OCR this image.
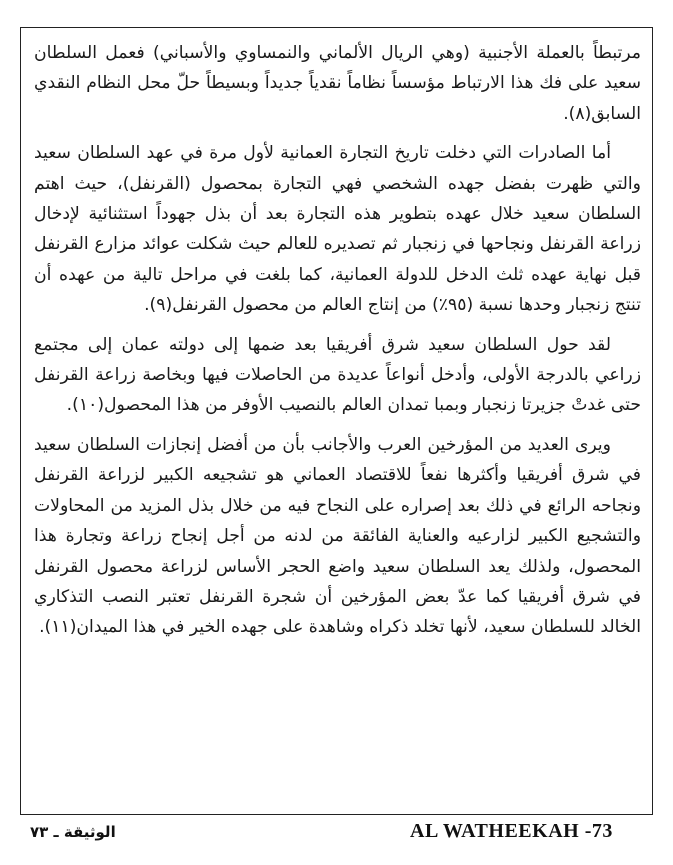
مرتبطاً بالعملة الأجنبية (وهي الريال الألماني والنمساوي والأسباني) فعمل السلطان سعيد على فك هذا الارتباط مؤسساً نظاماً نقدياً جديداً وبسيطاً حلّ محل النظام النقدي السابق(٨).

أما الصادرات التي دخلت تاريخ التجارة العمانية لأول مرة في عهد السلطان سعيد والتي ظهرت بفضل جهده الشخصي فهي التجارة بمحصول (القرنفل)، حيث اهتم السلطان سعيد خلال عهده بتطوير هذه التجارة بعد أن بذل جهوداً استثنائية لإدخال زراعة القرنفل ونجاحها في زنجبار ثم تصديره للعالم حيث شكلت عوائد مزارع القرنفل قبل نهاية عهده ثلث الدخل للدولة العمانية، كما بلغت في مراحل تالية من عهده أن تنتج زنجبار وحدها نسبة (٩٥٪) من إنتاج العالم من محصول القرنفل(٩).

لقد حول السلطان سعيد شرق أفريقيا بعد ضمها إلى دولته عمان إلى مجتمع زراعي بالدرجة الأولى، وأدخل أنواعاً عديدة من الحاصلات فيها وبخاصة زراعة القرنفل حتى غدتْ جزيرتا زنجبار وبمبا تمدان العالم بالنصيب الأوفر من هذا المحصول(١٠).

ويرى العديد من المؤرخين العرب والأجانب بأن من أفضل إنجازات السلطان سعيد في شرق أفريقيا وأكثرها نفعاً للاقتصاد العماني هو تشجيعه الكبير لزراعة القرنفل ونجاحه الرائع في ذلك بعد إصراره على النجاح فيه من خلال بذل المزيد من المحاولات والتشجيع الكبير لزارعيه والعناية الفائقة من لدنه من أجل إنجاح زراعة وتجارة هذا المحصول، ولذلك يعد السلطان سعيد واضع الحجر الأساس لزراعة محصول القرنفل في شرق أفريقيا كما عدّ بعض المؤرخين أن شجرة القرنفل تعتبر النصب التذكاري الخالد للسلطان سعيد، لأنها تخلد ذكراه وشاهدة على جهده الخير في هذا الميدان(١١).

AL WATHEEKAH -73
الوثيقة ـ ٧٣
